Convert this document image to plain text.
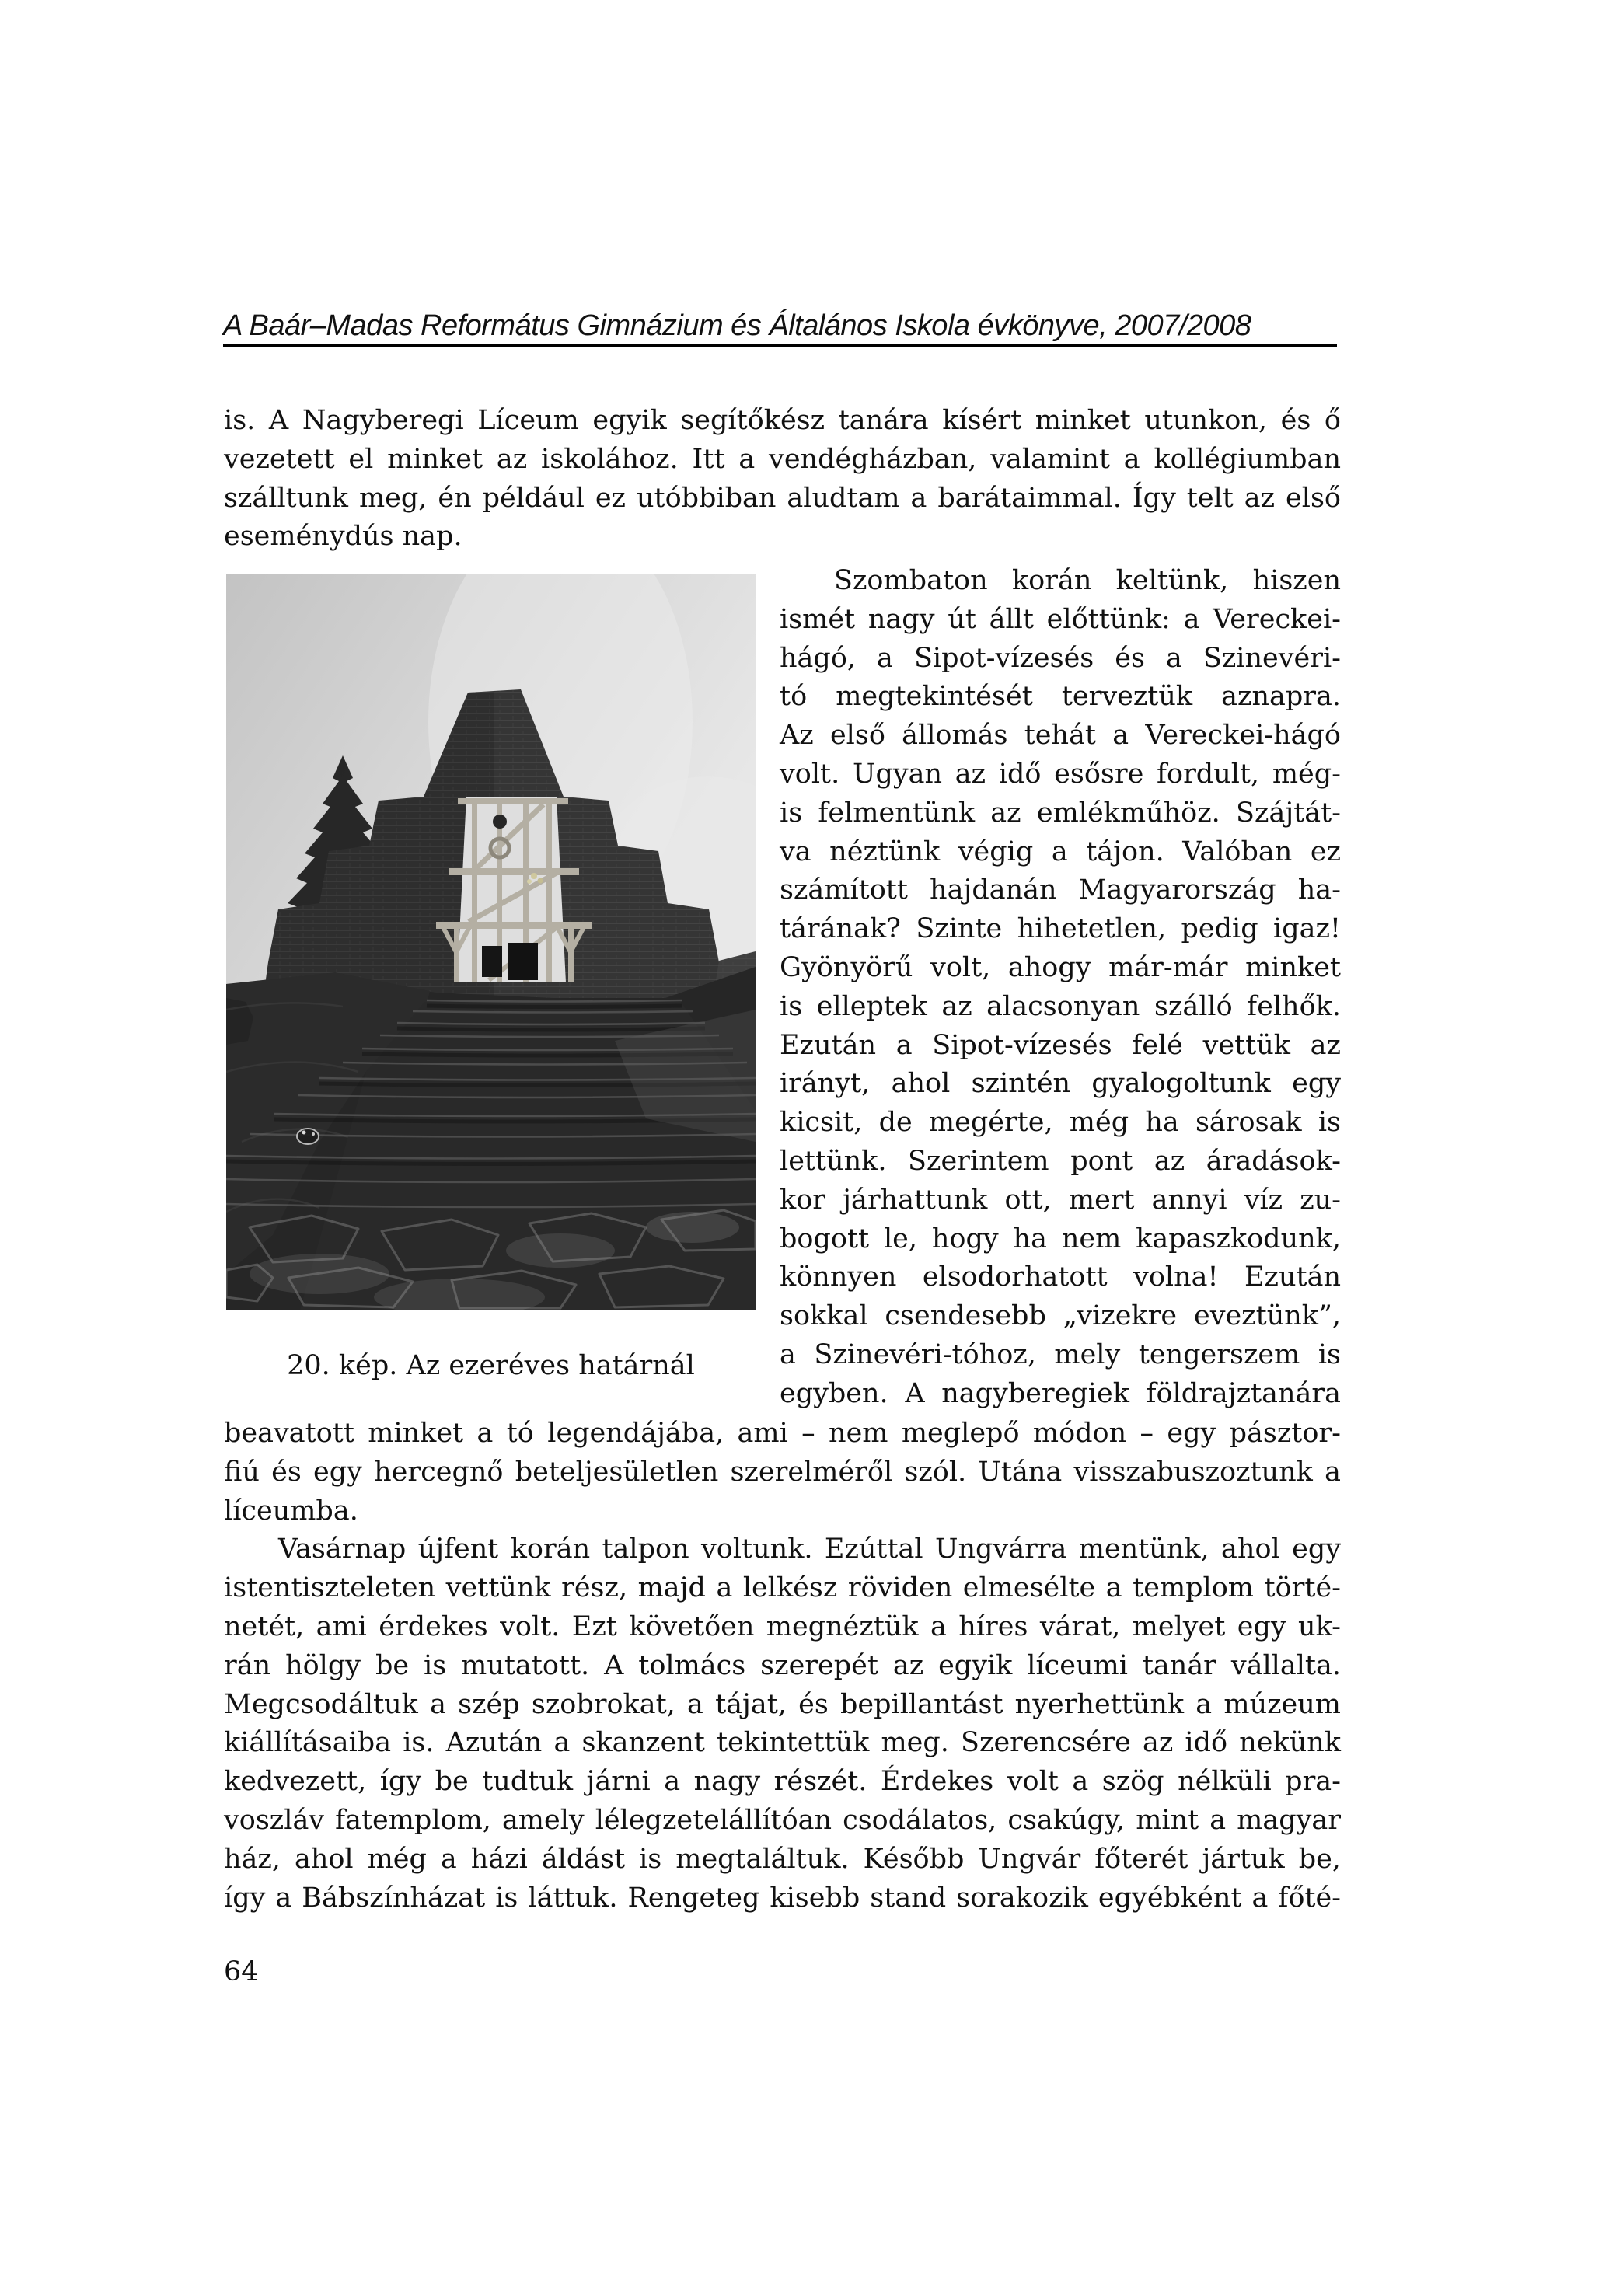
A Baár–Madas Református Gimnázium és Általános Iskola évkönyve, 2007/2008
is. A Nagyberegi Líceum egyik segítőkész tanára kísért minket utunkon, és ő
vezetett el minket az iskolához. Itt a vendégházban, valamint a kollégiumban
szálltunk meg, én például ez utóbbiban aludtam a barátaimmal. Így telt az első
eseménydús nap.
20. kép. Az ezeréves határnál
Szombaton korán keltünk, hiszen
ismét nagy út állt előttünk: a Vereckei-
hágó, a Sipot-vízesés és a Szinevéri-
tó megtekintését terveztük aznapra.
Az első állomás tehát a Vereckei-hágó
volt. Ugyan az idő esősre fordult, még-
is felmentünk az emlékműhöz. Szájtát-
va néztünk végig a tájon. Valóban ez
számított hajdanán Magyarország ha-
tárának? Szinte hihetetlen, pedig igaz!
Gyönyörű volt, ahogy már-már minket
is elleptek az alacsonyan szálló felhők.
Ezután a Sipot-vízesés felé vettük az
irányt, ahol szintén gyalogoltunk egy
kicsit, de megérte, még ha sárosak is
lettünk. Szerintem pont az áradások-
kor járhattunk ott, mert annyi víz zu-
bogott le, hogy ha nem kapaszkodunk,
könnyen elsodorhatott volna! Ezután
sokkal csendesebb „vizekre eveztünk”,
a Szinevéri-tóhoz, mely tengerszem is
egyben. A nagyberegiek földrajztanára
beavatott minket a tó legendájába, ami – nem meglepő módon – egy pásztor-
fiú és egy hercegnő beteljesületlen szerelméről szól. Utána visszabuszoztunk a
líceumba.
Vasárnap újfent korán talpon voltunk. Ezúttal Ungvárra mentünk, ahol egy
istentiszteleten vettünk rész, majd a lelkész röviden elmesélte a templom törté-
netét, ami érdekes volt. Ezt követően megnéztük a híres várat, melyet egy uk-
rán hölgy be is mutatott. A tolmács szerepét az egyik líceumi tanár vállalta.
Megcsodáltuk a szép szobrokat, a tájat, és bepillantást nyerhettünk a múzeum
kiállításaiba is. Azután a skanzent tekintettük meg. Szerencsére az idő nekünk
kedvezett, így be tudtuk járni a nagy részét. Érdekes volt a szög nélküli pra-
voszláv fatemplom, amely lélegzetelállítóan csodálatos, csakúgy, mint a magyar
ház, ahol még a házi áldást is megtaláltuk. Később Ungvár főterét jártuk be,
így a Bábszínházat is láttuk. Rengeteg kisebb stand sorakozik egyébként a főté-
64
